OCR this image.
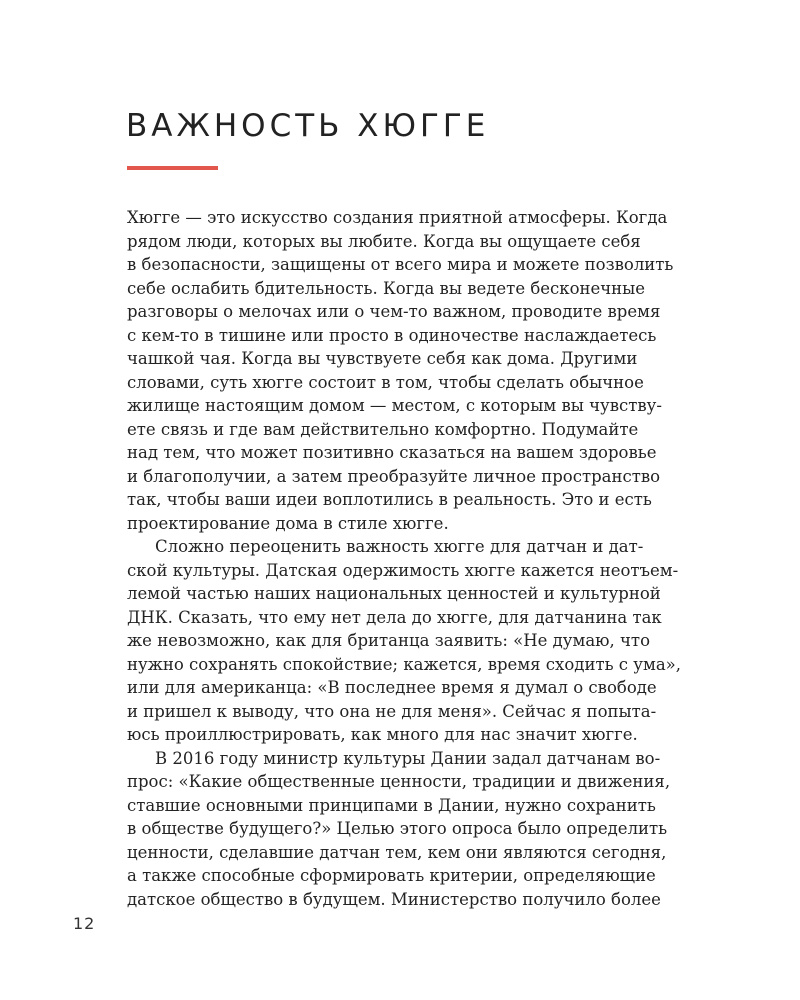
ВАЖНОСТЬ ХЮГГЕ
Хюгге — это искусство создания приятной атмосферы. Когда
рядом люди, которых вы любите. Когда вы ощущаете себя
в безопасности, защищены от всего мира и можете позволить
себе ослабить бдительность. Когда вы ведете бесконечные
разговоры о мелочах или о чем-то важном, проводите время
с кем-то в тишине или просто в одиночестве наслаждаетесь
чашкой чая. Когда вы чувствуете себя как дома. Другими
словами, суть хюгге состоит в том, чтобы сделать обычное
жилище настоящим домом — местом, с которым вы чувству-
ете связь и где вам действительно комфортно. Подумайте
над тем, что может позитивно сказаться на вашем здоровье
и благополучии, а затем преобразуйте личное пространство
так, чтобы ваши идеи воплотились в реальность. Это и есть
проектирование дома в стиле хюгге.
Сложно переоценить важность хюгге для датчан и дат-
ской культуры. Датская одержимость хюгге кажется неотъем-
лемой частью наших национальных ценностей и культурной
ДНК. Сказать, что ему нет дела до хюгге, для датчанина так
же невозможно, как для британца заявить: «Не думаю, что
нужно сохранять спокойствие; кажется, время сходить с ума»,
или для американца: «В последнее время я думал о свободе
и пришел к выводу, что она не для меня». Сейчас я попыта-
юсь проиллюстрировать, как много для нас значит хюгге.
В 2016 году министр культуры Дании задал датчанам во-
прос: «Какие общественные ценности, традиции и движения,
ставшие основными принципами в Дании, нужно сохранить
в обществе будущего?» Целью этого опроса было определить
ценности, сделавшие датчан тем, кем они являются сегодня,
а также способные сформировать критерии, определяющие
датское общество в будущем. Министерство получило более
12
